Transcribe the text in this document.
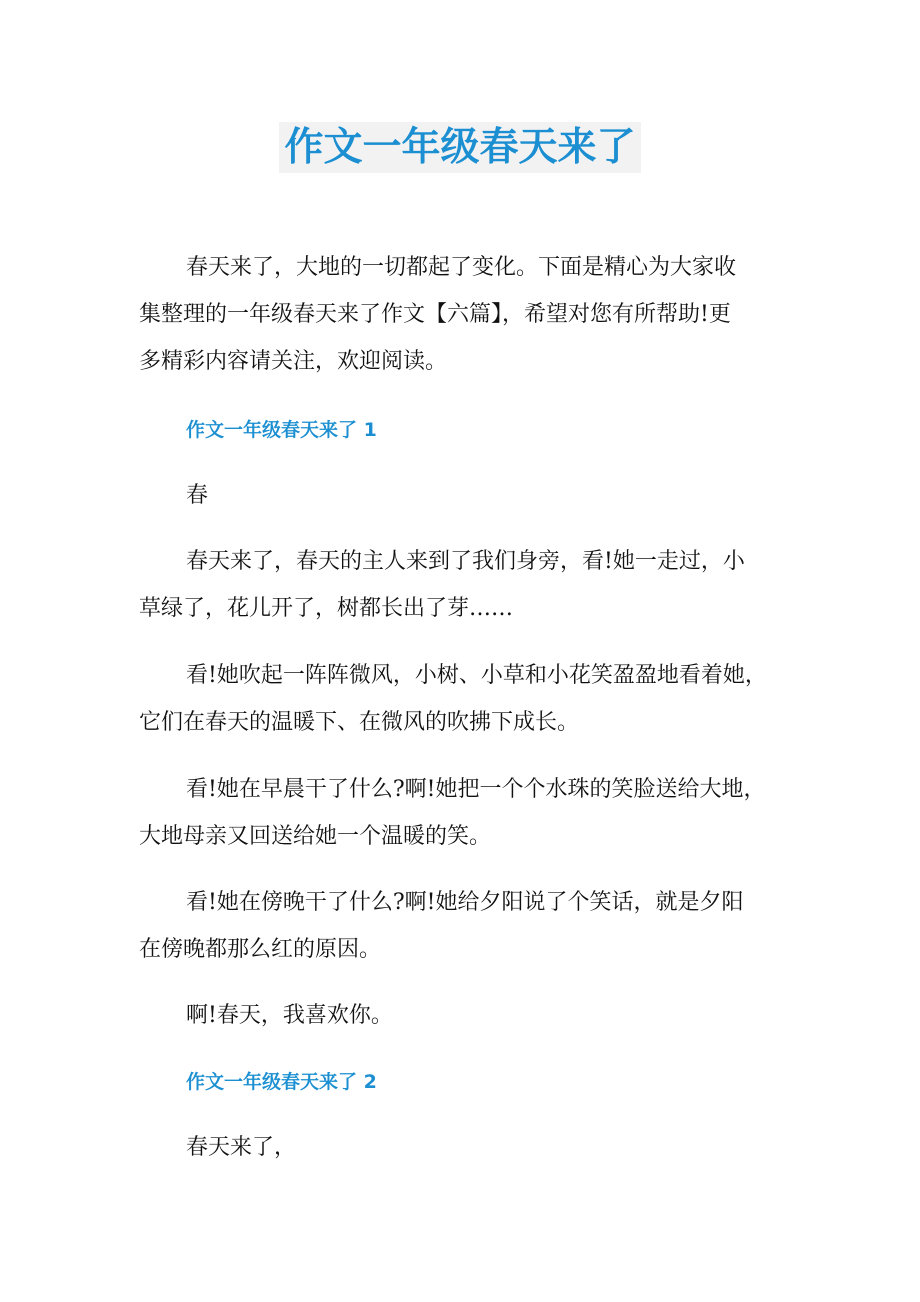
作文一年级春天来了
春天来了，大地的一切都起了变化。下面是精心为大家收
集整理的一年级春天来了作文【六篇】，希望对您有所帮助!更
多精彩内容请关注，欢迎阅读。
作文一年级春天来了 1
春
春天来了，春天的主人来到了我们身旁，看!她一走过，小
草绿了，花儿开了，树都长出了芽……
看!她吹起一阵阵微风，小树、小草和小花笑盈盈地看着她，
它们在春天的温暖下、在微风的吹拂下成长。
看!她在早晨干了什么?啊!她把一个个水珠的笑脸送给大地，
大地母亲又回送给她一个温暖的笑。
看!她在傍晚干了什么?啊!她给夕阳说了个笑话，就是夕阳
在傍晚都那么红的原因。
啊!春天，我喜欢你。
作文一年级春天来了 2
春天来了，
